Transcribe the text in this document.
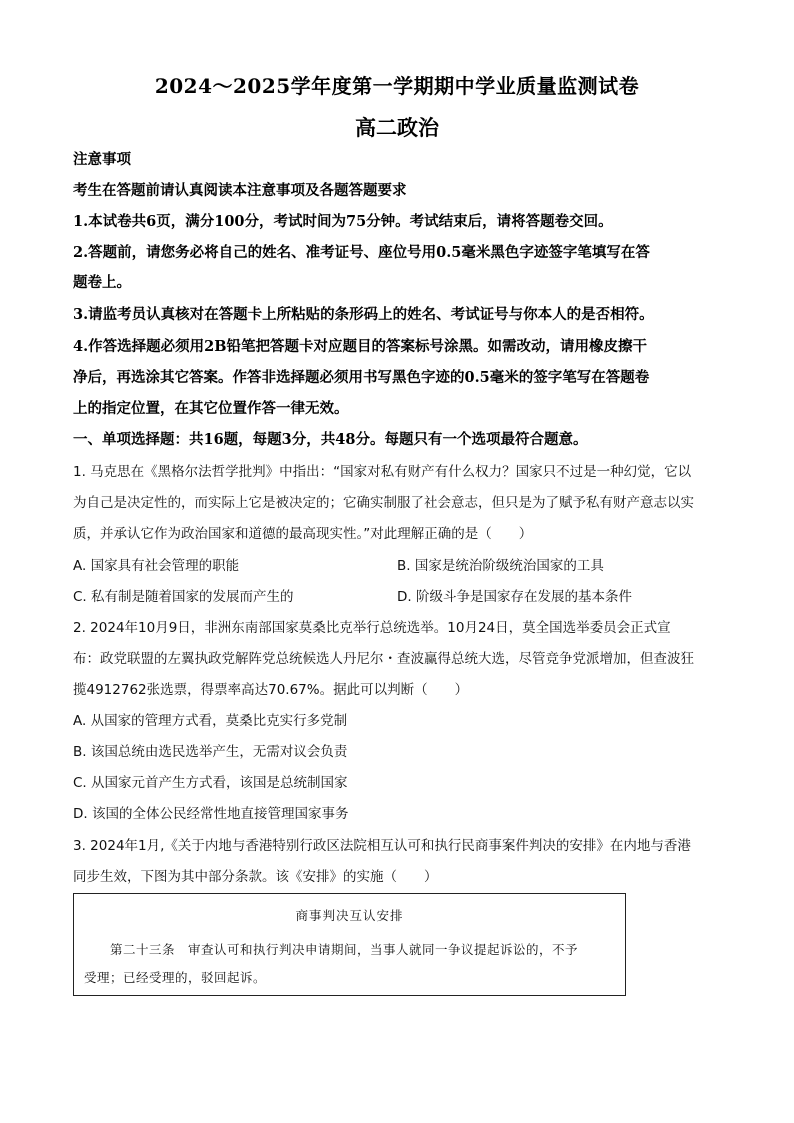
2024～2025学年度第一学期期中学业质量监测试卷
高二政治
注意事项
考生在答题前请认真阅读本注意事项及各题答题要求
1.本试卷共6页，满分100分，考试时间为75分钟。考试结束后，请将答题卷交回。
2.答题前，请您务必将自己的姓名、准考证号、座位号用0.5毫米黑色字迹签字笔填写在答
题卷上。
3.请监考员认真核对在答题卡上所粘贴的条形码上的姓名、考试证号与你本人的是否相符。
4.作答选择题必须用2B铅笔把答题卡对应题目的答案标号涂黑。如需改动，请用橡皮擦干
净后，再选涂其它答案。作答非选择题必须用书写黑色字迹的0.5毫米的签字笔写在答题卷
上的指定位置，在其它位置作答一律无效。
一、单项选择题：共16题，每题3分，共48分。每题只有一个选项最符合题意。
1. 马克思在《黑格尔法哲学批判》中指出：“国家对私有财产有什么权力？国家只不过是一种幻觉，它以
为自己是决定性的，而实际上它是被决定的；它确实制服了社会意志，但只是为了赋予私有财产意志以实
质，并承认它作为政治国家和道德的最高现实性。”对此理解正确的是（　　）
A. 国家具有社会管理的职能	B. 国家是统治阶级统治国家的工具
C. 私有制是随着国家的发展而产生的	D. 阶级斗争是国家存在发展的基本条件
2. 2024年10月9日，非洲东南部国家莫桑比克举行总统选举。10月24日，莫全国选举委员会正式宣
布：政党联盟的左翼执政党解阵党总统候选人丹尼尔・查波赢得总统大选，尽管竞争党派增加，但查波狂
揽4912762张选票，得票率高达70.67%。据此可以判断（　　）
A. 从国家的管理方式看，莫桑比克实行多党制
B. 该国总统由选民选举产生，无需对议会负责
C. 从国家元首产生方式看，该国是总统制国家
D. 该国的全体公民经常性地直接管理国家事务
3. 2024年1月,《关于内地与香港特别行政区法院相互认可和执行民商事案件判决的安排》在内地与香港
同步生效，下图为其中部分条款。该《安排》的实施（　　）
商事判决互认安排
　　第二十三条　审查认可和执行判决申请期间，当事人就同一争议提起诉讼的，不予
受理；已经受理的，驳回起诉。
